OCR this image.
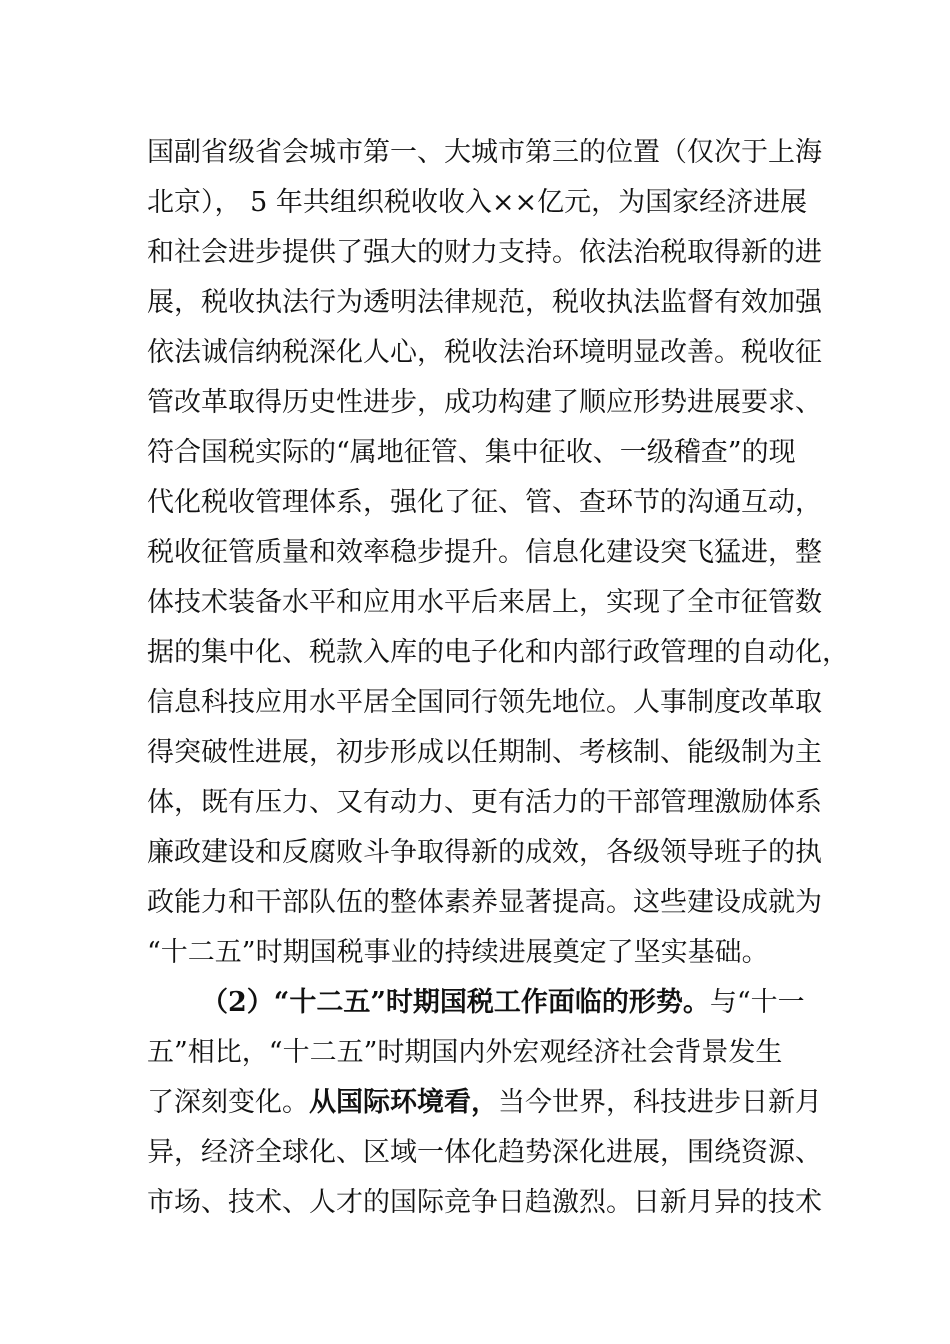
国副省级省会城市第一、大城市第三的位置（仅次于上海
北京）， 5 年共组织税收收入××亿元，为国家经济进展
和社会进步提供了强大的财力支持。依法治税取得新的进
展，税收执法行为透明法律规范，税收执法监督有效加强
依法诚信纳税深化人心，税收法治环境明显改善。税收征
管改革取得历史性进步，成功构建了顺应形势进展要求、
符合国税实际的“属地征管、集中征收、一级稽查”的现
代化税收管理体系，强化了征、管、查环节的沟通互动，
税收征管质量和效率稳步提升。信息化建设突飞猛进，整
体技术装备水平和应用水平后来居上，实现了全市征管数
据的集中化、税款入库的电子化和内部行政管理的自动化，
信息科技应用水平居全国同行领先地位。人事制度改革取
得突破性进展，初步形成以任期制、考核制、能级制为主
体，既有压力、又有动力、更有活力的干部管理激励体系
廉政建设和反腐败斗争取得新的成效，各级领导班子的执
政能力和干部队伍的整体素养显著提高。这些建设成就为
“十二五”时期国税事业的持续进展奠定了坚实基础。
（2）“十二五”时期国税工作面临的形势。与“十一
五”相比，“十二五”时期国内外宏观经济社会背景发生
了深刻变化。从国际环境看，当今世界，科技进步日新月
异，经济全球化、区域一体化趋势深化进展，围绕资源、
市场、技术、人才的国际竞争日趋激烈。日新月异的技术
